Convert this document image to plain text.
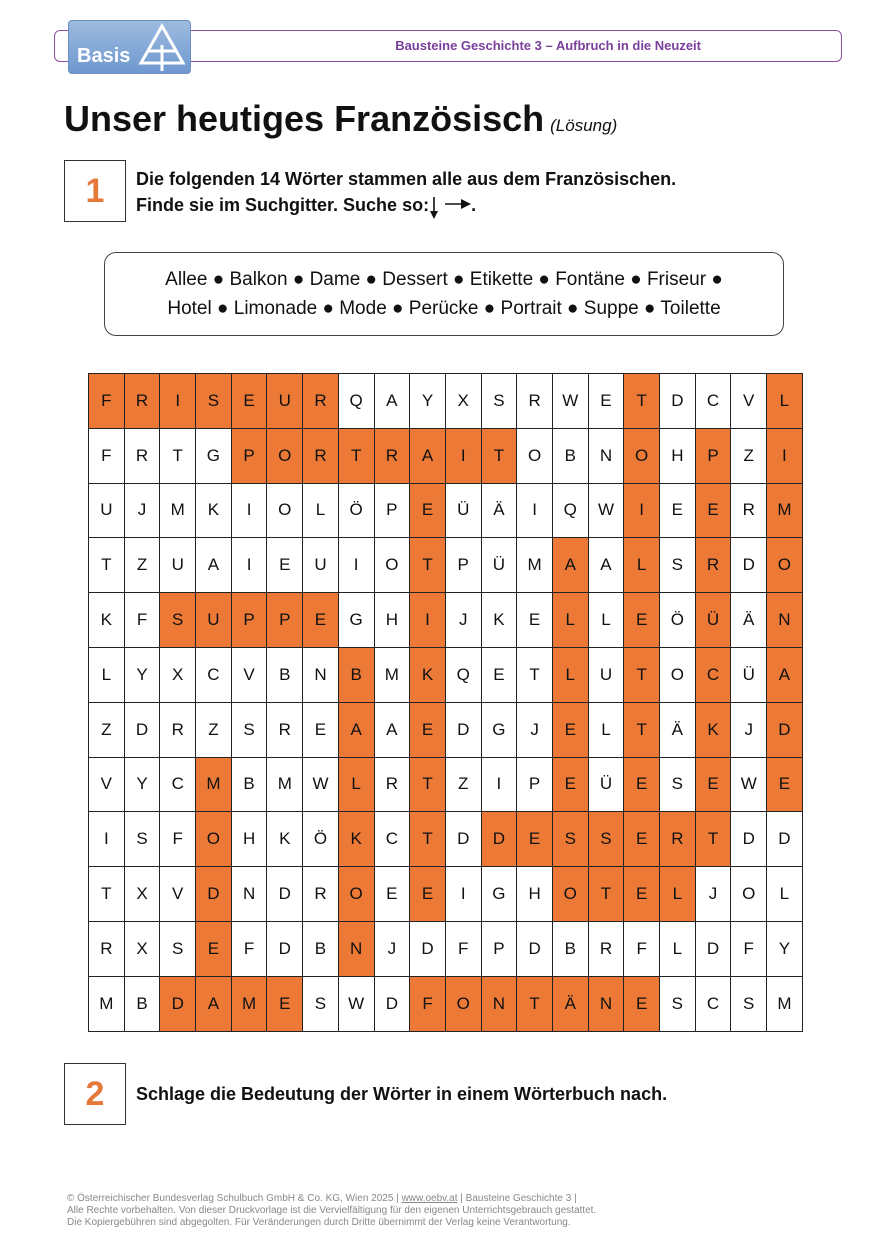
Bausteine Geschichte 3 – Aufbruch in die Neuzeit
Basis
Unser heutiges Französisch (Lösung)
1	Die folgenden 14 Wörter stammen alle aus dem Französischen.
Finde sie im Suchgitter. Suche so: .
Allee ● Balkon ● Dame ● Dessert ● Etikette ● Fontäne ● Friseur ●
Hotel ● Limonade ● Mode ● Perücke ● Portrait ● Suppe ● Toilette
F	R	I	S	E	U	R	Q	A	Y	X	S	R	W	E	T	D	C	V	L
F	R	T	G	P	O	R	T	R	A	I	T	O	B	N	O	H	P	Z	I
U	J	M	K	I	O	L	Ö	P	E	Ü	Ä	I	Q	W	I	E	E	R	M
T	Z	U	A	I	E	U	I	O	T	P	Ü	M	A	A	L	S	R	D	O
K	F	S	U	P	P	E	G	H	I	J	K	E	L	L	E	Ö	Ü	Ä	N
L	Y	X	C	V	B	N	B	M	K	Q	E	T	L	U	T	O	C	Ü	A
Z	D	R	Z	S	R	E	A	A	E	D	G	J	E	L	T	Ä	K	J	D
V	Y	C	M	B	M	W	L	R	T	Z	I	P	E	Ü	E	S	E	W	E
I	S	F	O	H	K	Ö	K	C	T	D	D	E	S	S	E	R	T	D	D
T	X	V	D	N	D	R	O	E	E	I	G	H	O	T	E	L	J	O	L
R	X	S	E	F	D	B	N	J	D	F	P	D	B	R	F	L	D	F	Y
M	B	D	A	M	E	S	W	D	F	O	N	T	Ä	N	E	S	C	S	M
2	Schlage die Bedeutung der Wörter in einem Wörterbuch nach.
© Österreichischer Bundesverlag Schulbuch GmbH & Co. KG, Wien 2025 | www.oebv.at | Bausteine Geschichte 3 |
Alle Rechte vorbehalten. Von dieser Druckvorlage ist die Vervielfältigung für den eigenen Unterrichtsgebrauch gestattet.
Die Kopiergebühren sind abgegolten. Für Veränderungen durch Dritte übernimmt der Verlag keine Verantwortung.
